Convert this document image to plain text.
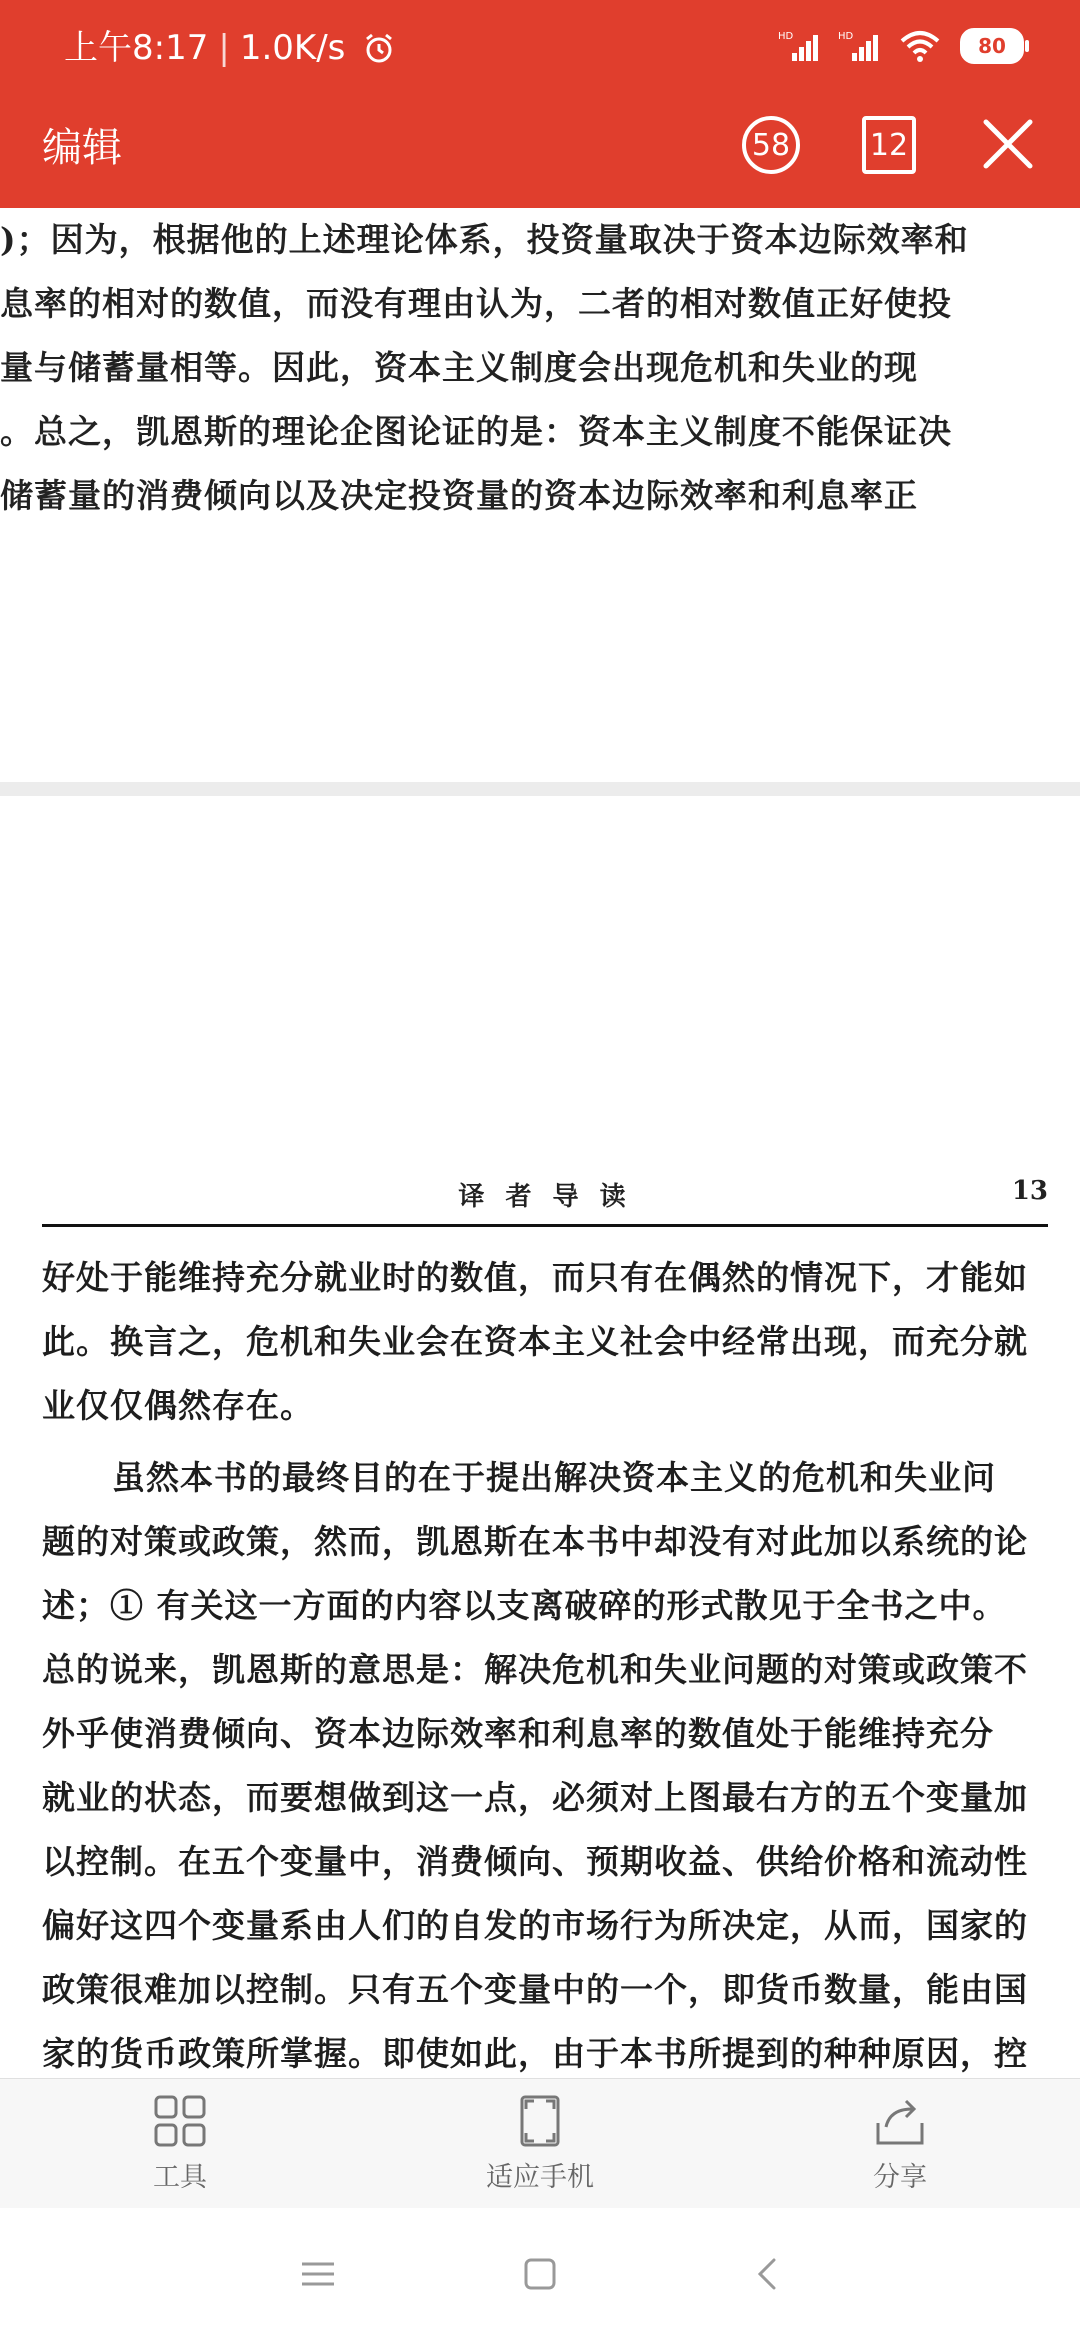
上午8:17 | 1.0K/s	HD	HD	80
编辑	58	12
)；因为，根据他的上述理论体系，投资量取决于资本边际效率和
息率的相对的数值，而没有理由认为，二者的相对数值正好使投
量与储蓄量相等。因此，资本主义制度会出现危机和失业的现
。总之，凯恩斯的理论企图论证的是：资本主义制度不能保证决
储蓄量的消费倾向以及决定投资量的资本边际效率和利息率正
译 者 导 读	13
好处于能维持充分就业时的数值，而只有在偶然的情况下，才能如
此。换言之，危机和失业会在资本主义社会中经常出现，而充分就
业仅仅偶然存在。
虽然本书的最终目的在于提出解决资本主义的危机和失业问
题的对策或政策，然而，凯恩斯在本书中却没有对此加以系统的论
述；① 有关这一方面的内容以支离破碎的形式散见于全书之中。
总的说来，凯恩斯的意思是：解决危机和失业问题的对策或政策不
外乎使消费倾向、资本边际效率和利息率的数值处于能维持充分
就业的状态，而要想做到这一点，必须对上图最右方的五个变量加
以控制。在五个变量中，消费倾向、预期收益、供给价格和流动性
偏好这四个变量系由人们的自发的市场行为所决定，从而，国家的
政策很难加以控制。只有五个变量中的一个，即货币数量，能由国
家的货币政策所掌握。即使如此，由于本书所提到的种种原因，控
工具	适应手机	分享
